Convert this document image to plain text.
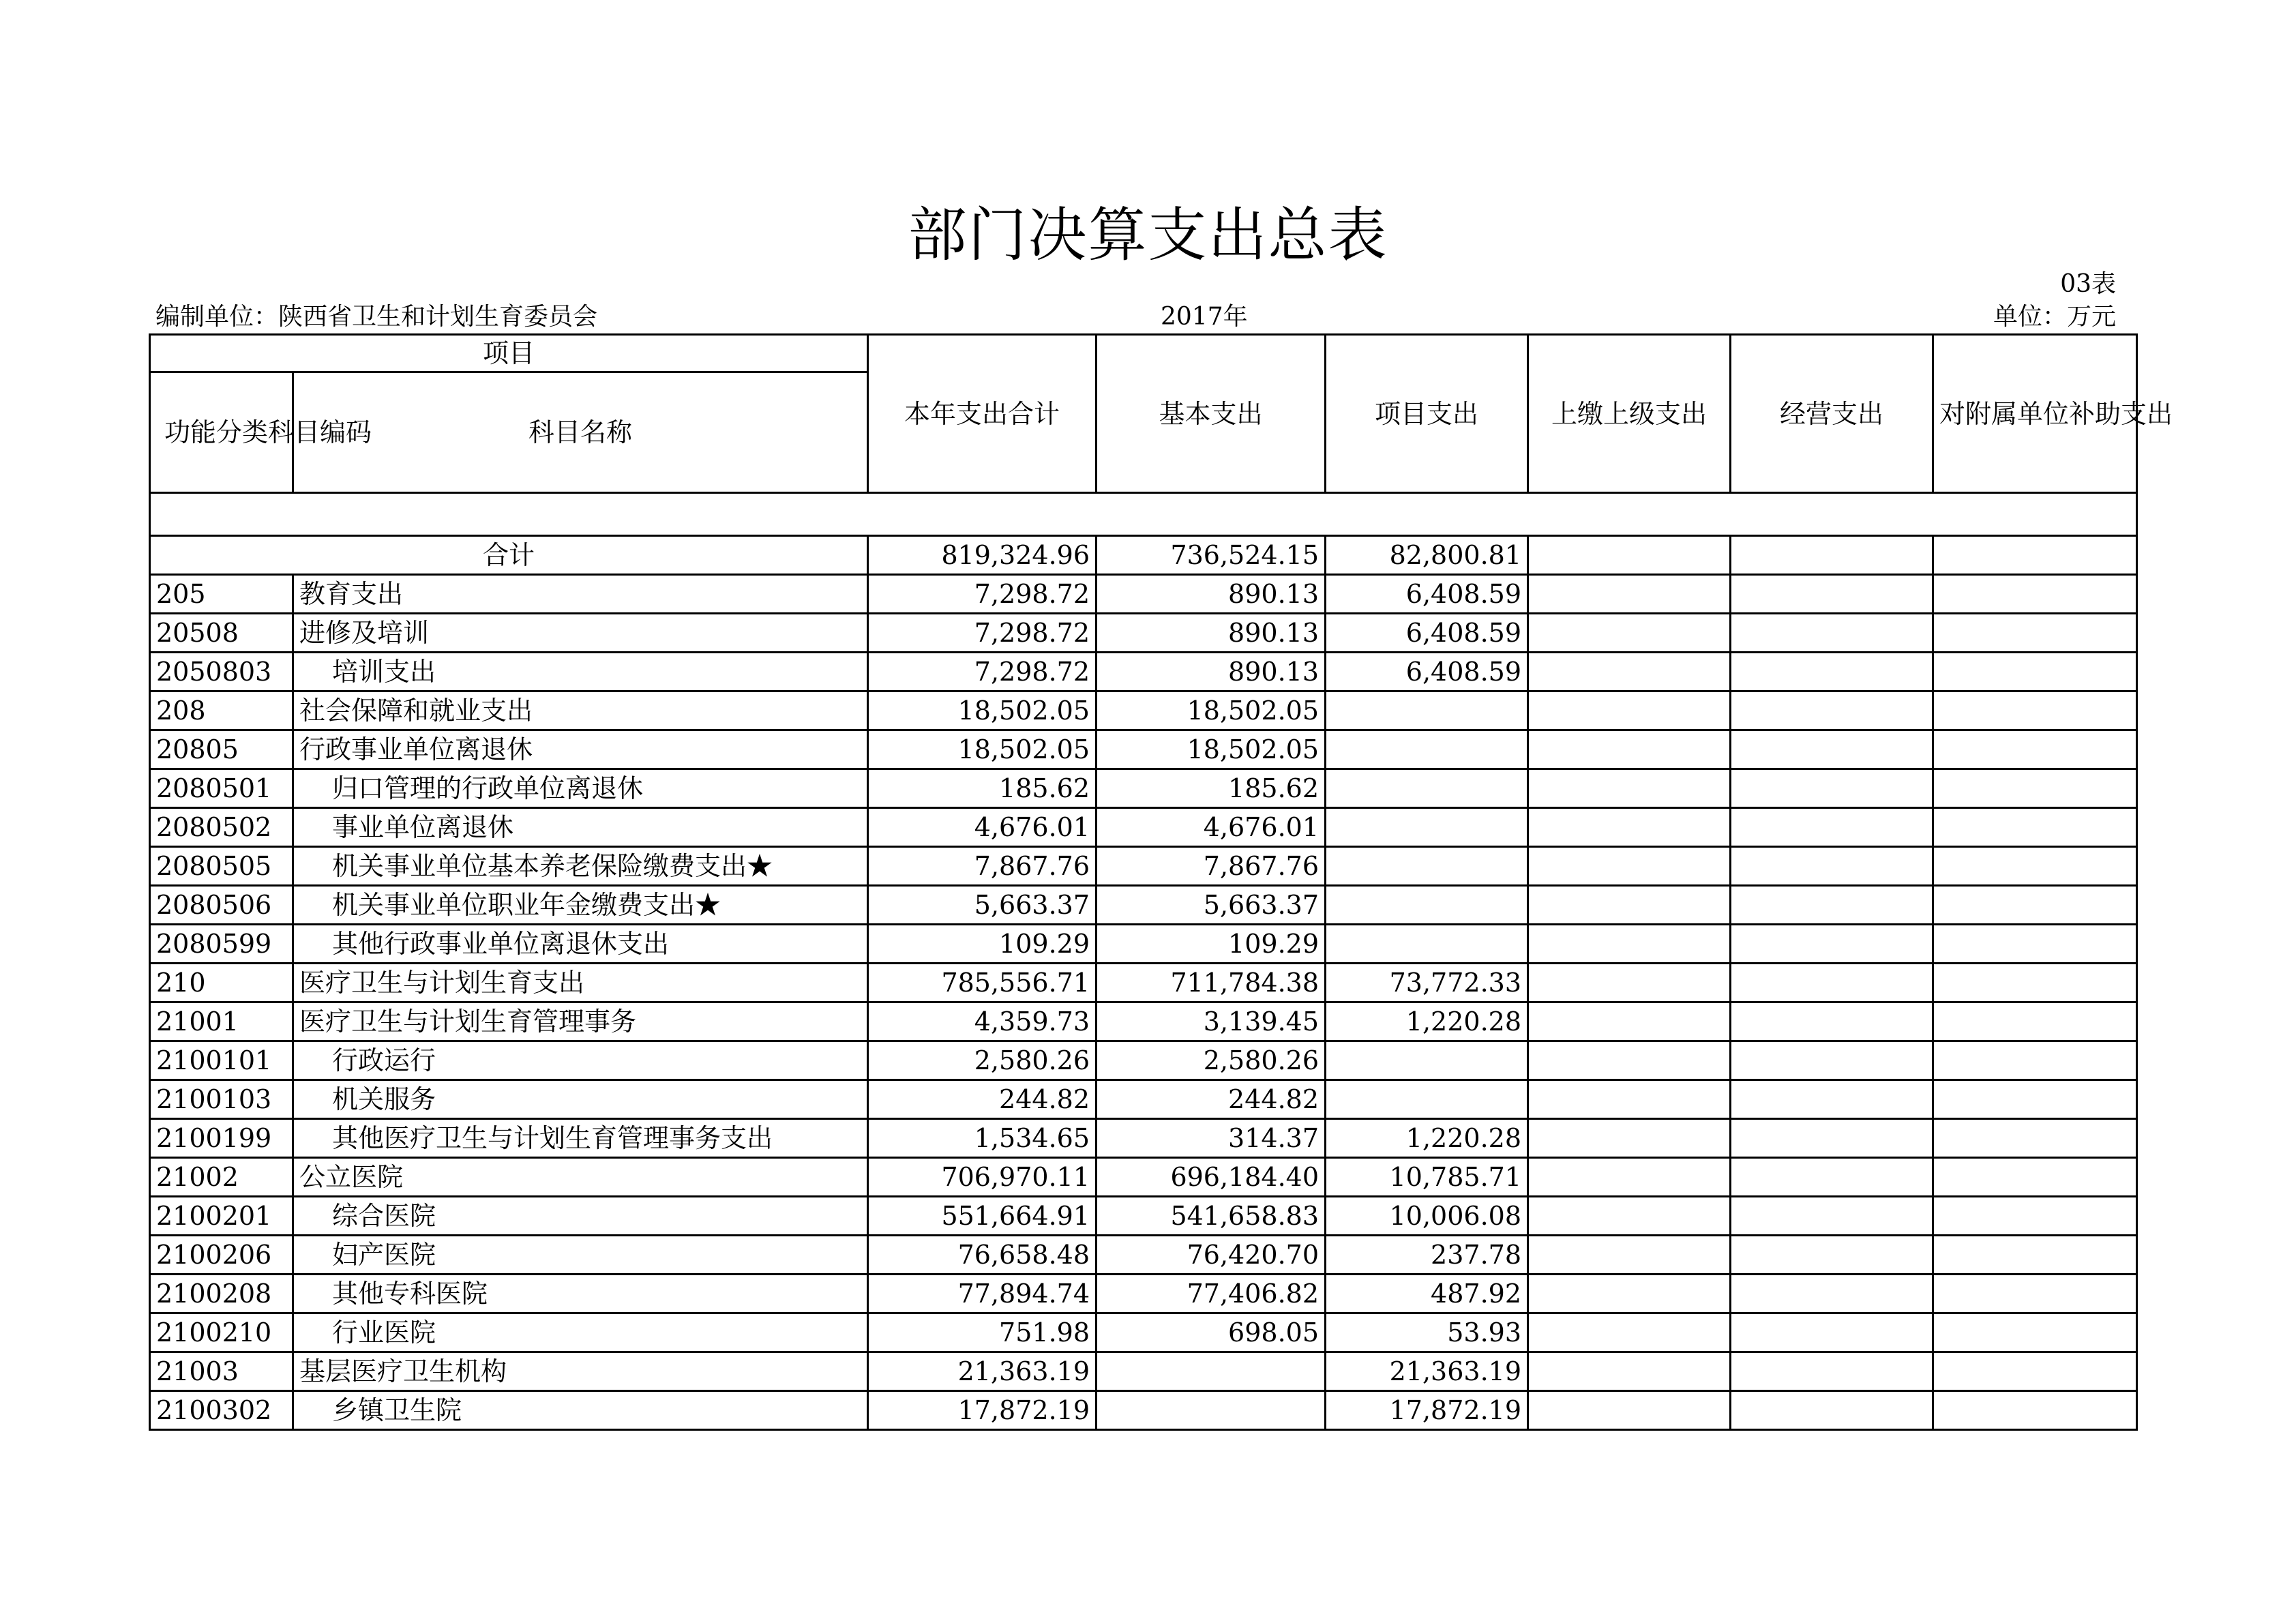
部门决算支出总表
03表
编制单位：陕西省卫生和计划生育委员会	2017年	单位：万元
项目		本年支出合计	基本支出	项目支出	上缴上级支出	经营支出	对附属单位补助支出
功能分类科目编码	科目名称						

合计		819,324.96	736,524.15	82,800.81			
205	教育支出	7,298.72	890.13	6,408.59			
20508	进修及培训	7,298.72	890.13	6,408.59			
2050803	培训支出	7,298.72	890.13	6,408.59			
208	社会保障和就业支出	18,502.05	18,502.05				
20805	行政事业单位离退休	18,502.05	18,502.05				
2080501	归口管理的行政单位离退休	185.62	185.62				
2080502	事业单位离退休	4,676.01	4,676.01				
2080505	机关事业单位基本养老保险缴费支出★	7,867.76	7,867.76				
2080506	机关事业单位职业年金缴费支出★	5,663.37	5,663.37				
2080599	其他行政事业单位离退休支出	109.29	109.29				
210	医疗卫生与计划生育支出	785,556.71	711,784.38	73,772.33			
21001	医疗卫生与计划生育管理事务	4,359.73	3,139.45	1,220.28			
2100101	行政运行	2,580.26	2,580.26				
2100103	机关服务	244.82	244.82				
2100199	其他医疗卫生与计划生育管理事务支出	1,534.65	314.37	1,220.28			
21002	公立医院	706,970.11	696,184.40	10,785.71			
2100201	综合医院	551,664.91	541,658.83	10,006.08			
2100206	妇产医院	76,658.48	76,420.70	237.78			
2100208	其他专科医院	77,894.74	77,406.82	487.92			
2100210	行业医院	751.98	698.05	53.93			
21003	基层医疗卫生机构	21,363.19		21,363.19			
2100302	乡镇卫生院	17,872.19		17,872.19			
